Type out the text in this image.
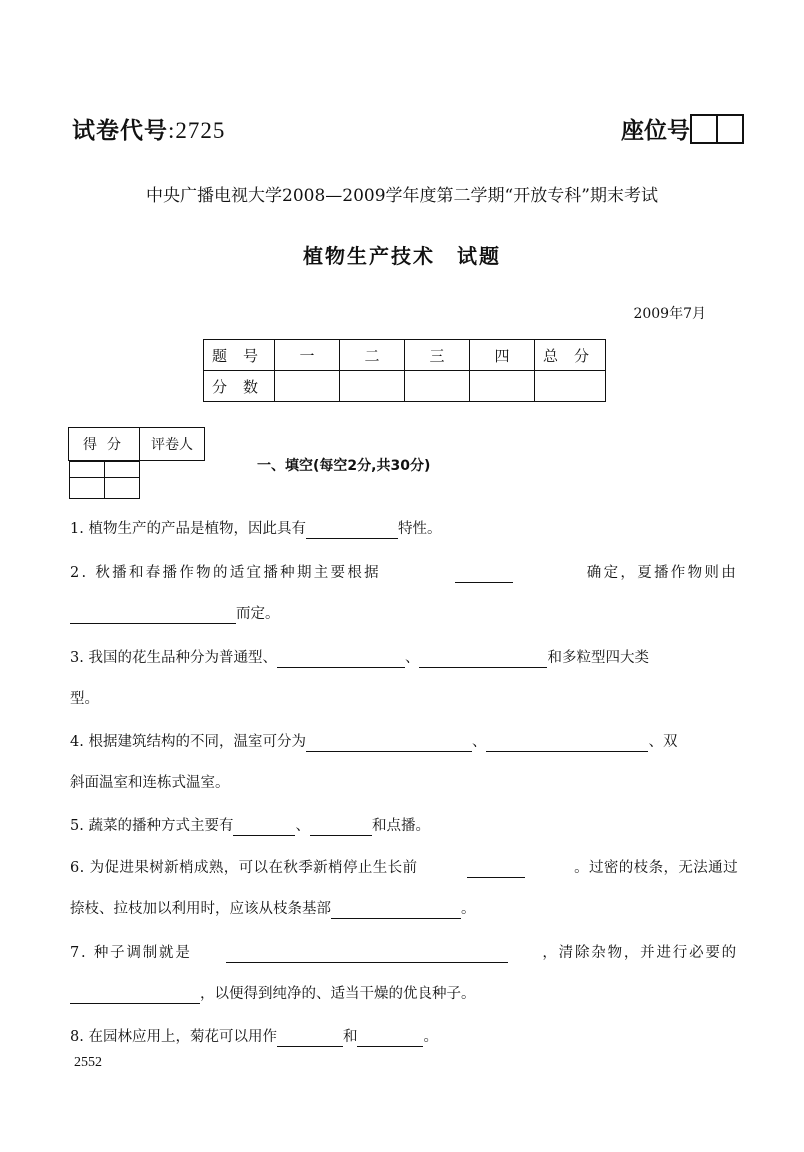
试卷代号:2725	座位号
中央广播电视大学2008—2009学年度第二学期“开放专科”期末考试
植物生产技术　试题
2009年7月
题号	一	二	三	四	总分
分数					
得分	评卷人

一、填空(每空2分,共30分)
1. 植物生产的产品是植物，因此具有	特性。
2. 秋播和春播作物的适宜播种期主要根据	确定，夏播作物则由
而定。
3. 我国的花生品种分为普通型、	、	和多粒型四大类
型。
4. 根据建筑结构的不同，温室可分为	、	、双
斜面温室和连栋式温室。
5. 蔬菜的播种方式主要有	、	和点播。
6. 为促进果树新梢成熟，可以在秋季新梢停止生长前	。过密的枝条，无法通过
捺枝、拉枝加以利用时，应该从枝条基部	。
7. 种子调制就是	，清除杂物，并进行必要的
，以便得到纯净的、适当干燥的优良种子。
8. 在园林应用上，菊花可以用作	和	。
2552
